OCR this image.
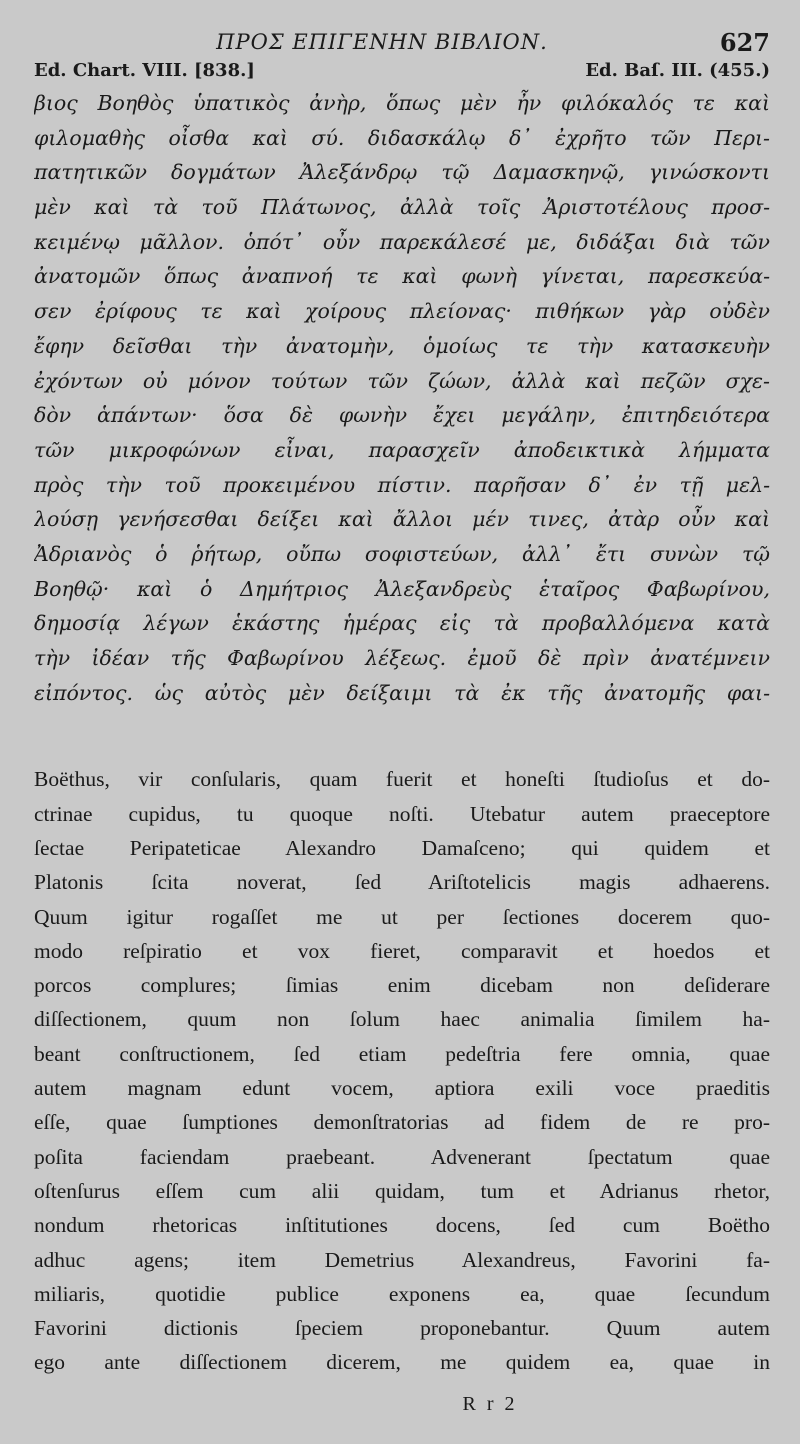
ΠΡΟΣ ΕΠΙΓΕΝΗΝ ΒΙΒΛΙΟΝ.	627
Ed. Chart. VIII. [838.]	Ed. Baſ. III. (455.)
βιος Βοηθὸς ὑπατικὸς ἀνὴρ, ὅπως μὲν ἦν φιλόκαλός τε καὶ
φιλομαθὴς οἶσθα καὶ σύ. διδασκάλῳ δ᾽ ἐχρῆτο τῶν Περι-
πατητικῶν δογμάτων Ἀλεξάνδρῳ τῷ Δαμασκηνῷ, γινώσκοντι
μὲν καὶ τὰ τοῦ Πλάτωνος, ἀλλὰ τοῖς Ἀριστοτέλους προσ-
κειμένῳ μᾶλλον. ὁπότ᾽ οὖν παρεκάλεσέ με, διδάξαι διὰ τῶν
ἀνατομῶν ὅπως ἀναπνοή τε καὶ φωνὴ γίνεται, παρεσκεύα-
σεν ἐρίφους τε καὶ χοίρους πλείονας· πιθήκων γὰρ οὐδὲν
ἔφην δεῖσθαι τὴν ἀνατομὴν, ὁμοίως τε τὴν κατασκευὴν
ἐχόντων οὐ μόνον τούτων τῶν ζώων, ἀλλὰ καὶ πεζῶν σχε-
δὸν ἁπάντων· ὅσα δὲ φωνὴν ἔχει μεγάλην, ἐπιτηδειότερα
τῶν μικροφώνων εἶναι, παρασχεῖν ἀποδεικτικὰ λήμματα
πρὸς τὴν τοῦ προκειμένου πίστιν. παρῆσαν δ᾽ ἐν τῇ μελ-
λούσῃ γενήσεσθαι δείξει καὶ ἄλλοι μέν τινες, ἀτὰρ οὖν καὶ
Ἀδριανὸς ὁ ῥήτωρ, οὔπω σοφιστεύων, ἀλλ᾽ ἔτι συνὼν τῷ
Βοηθῷ· καὶ ὁ Δημήτριος Ἀλεξανδρεὺς ἑταῖρος Φαβωρίνου,
δημοσίᾳ λέγων ἑκάστης ἡμέρας εἰς τὰ προβαλλόμενα κατὰ
τὴν ἰδέαν τῆς Φαβωρίνου λέξεως. ἐμοῦ δὲ πρὶν ἀνατέμνειν
εἰπόντος. ὡς αὐτὸς μὲν δείξαιμι τὰ ἐκ τῆς ἀνατομῆς φαι-
Boëthus, vir conſularis, quam fuerit et honeſti ſtudioſus et do-
ctrinae cupidus, tu quoque noſti. Utebatur autem praeceptore
ſectae Peripateticae Alexandro Damaſceno; qui quidem et
Platonis ſcita noverat, ſed Ariſtotelicis magis adhaerens.
Quum igitur rogaſſet me ut per ſectiones docerem quo-
modo reſpiratio et vox fieret, comparavit et hoedos et
porcos complures; ſimias enim dicebam non deſiderare
diſſectionem, quum non ſolum haec animalia ſimilem ha-
beant conſtructionem, ſed etiam pedeſtria fere omnia, quae
autem magnam edunt vocem, aptiora exili voce praeditis
eſſe, quae ſumptiones demonſtratorias ad fidem de re pro-
poſita faciendam praebeant. Advenerant ſpectatum quae
oſtenſurus eſſem cum alii quidam, tum et Adrianus rhetor,
nondum rhetoricas inſtitutiones docens, ſed cum Boëtho
adhuc agens; item Demetrius Alexandreus, Favorini fa-
miliaris, quotidie publice exponens ea, quae ſecundum
Favorini dictionis ſpeciem proponebantur. Quum autem
ego ante diſſectionem dicerem, me quidem ea, quae in
R r 2
